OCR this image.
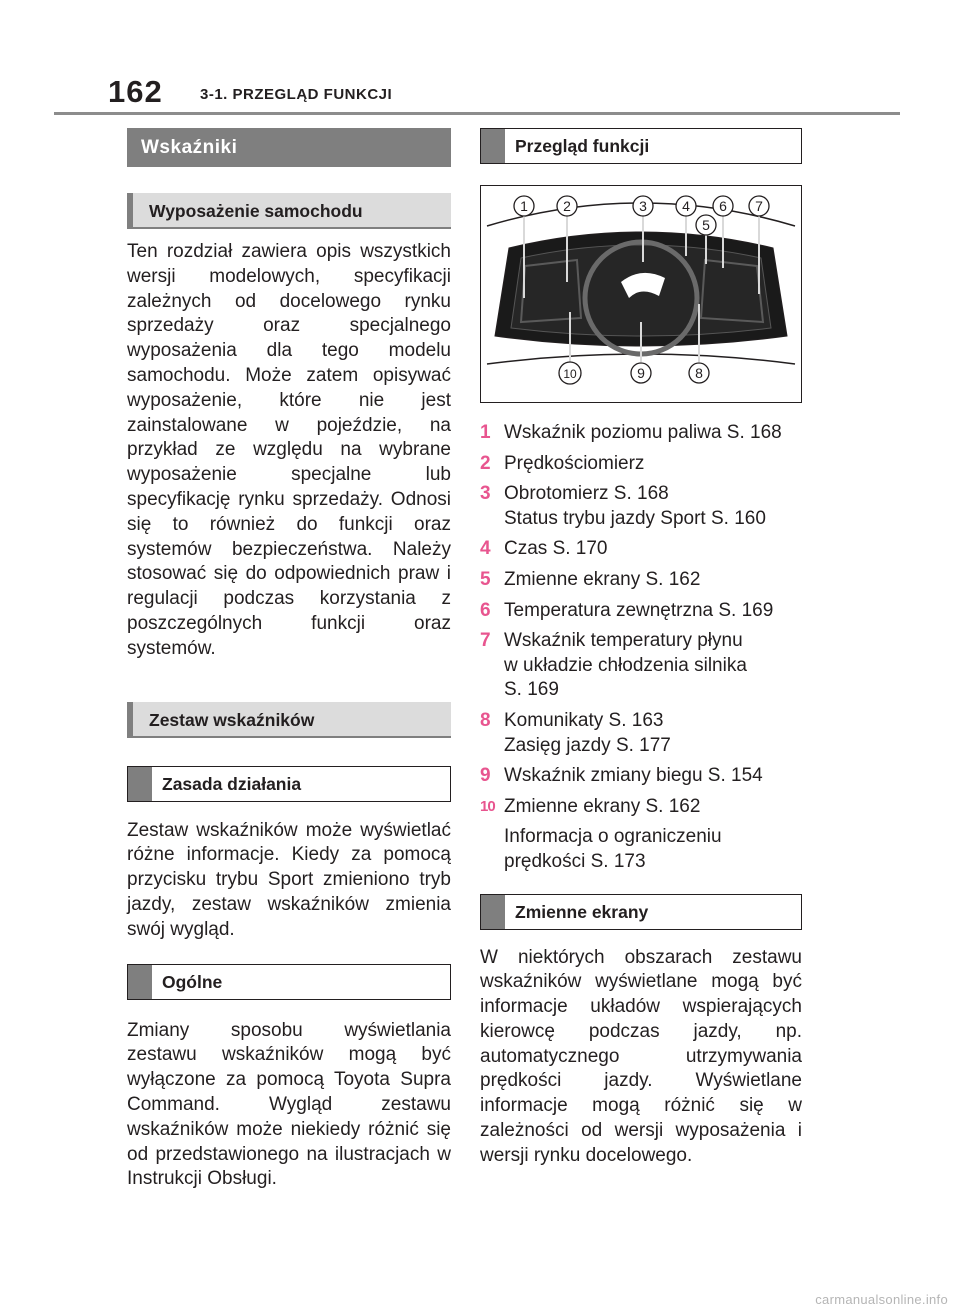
162 3-1. PRZEGLĄD FUNKCJI
Wskaźniki
Wyposażenie samochodu
Ten rozdział zawiera opis wszystkich wersji modelowych, specyfikacji zależnych od docelowego rynku sprzedaży oraz specjalnego wyposażenia dla tego modelu samochodu. Może zatem opisywać wyposażenie, które nie jest zainstalowane w pojeździe, na przykład ze względu na wybrane wyposażenie specjalne lub specyfikację rynku sprzedaży. Odnosi się to również do funkcji oraz systemów bezpieczeństwa. Należy stosować się do odpowiednich praw i regulacji podczas korzystania z poszczególnych funkcji oraz systemów.
Zestaw wskaźników
Zasada działania
Zestaw wskaźników może wyświetlać różne informacje. Kiedy za pomocą przycisku trybu Sport zmieniono tryb jazdy, zestaw wskaźników zmienia swój wygląd.
Ogólne
Zmiany sposobu wyświetlania zestawu wskaźników mogą być wyłączone za pomocą Toyota Supra Command. Wygląd zestawu wskaźników może niekiedy różnić się od przedstawionego na ilustracjach w Instrukcji Obsługi.
Przegląd funkcji
1	2	3	4
5
6 7
8
9
10
1 Wskaźnik poziomu paliwa S. 168
2 Prędkościomierz
3 Obrotomierz S. 168
Status trybu jazdy Sport S. 160
4 Czas S. 170
5 Zmienne ekrany S. 162
6 Temperatura zewnętrzna S. 169
7 Wskaźnik temperatury płynu
w układzie chłodzenia silnika
S. 169
8 Komunikaty S. 163
Zasięg jazdy S. 177
9 Wskaźnik zmiany biegu S. 154
10 Zmienne ekrany S. 162
Informacja o ograniczeniu
prędkości S. 173
Zmienne ekrany
W niektórych obszarach zestawu wskaźników wyświetlane mogą być informacje układów wspierających kierowcę podczas jazdy, np. automatycznego utrzymywania prędkości jazdy. Wyświetlane informacje mogą różnić się w zależności od wersji wyposażenia i wersji rynku docelowego.
carmanualsonline.info
